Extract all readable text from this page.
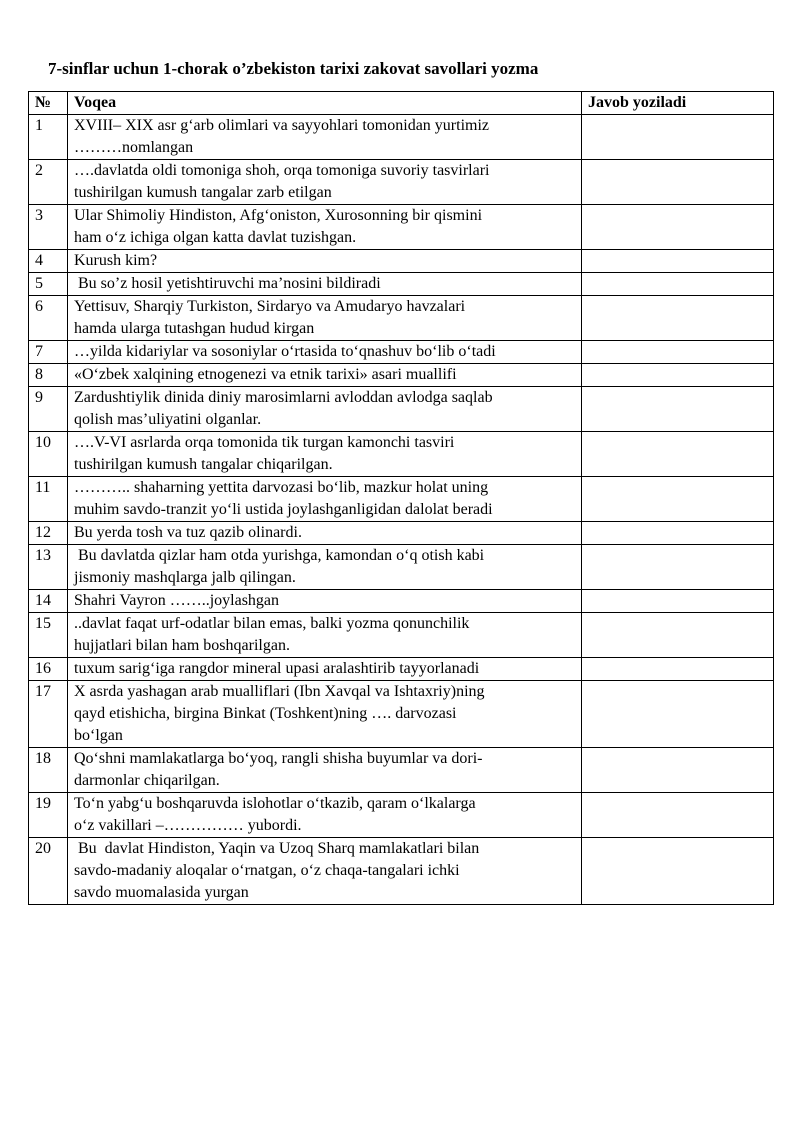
7-sinflar uchun 1-chorak o’zbekiston tarixi zakovat savollari yozma
№	Voqea	Javob yoziladi
1	XVIII– XIX asr g‘arb olimlari va sayyohlari tomonidan yurtimiz
………nomlangan	
2	….davlatda oldi tomoniga shoh, orqa tomoniga suvoriy tasvirlari
tushirilgan kumush tangalar zarb etilgan	
3	Ular Shimoliy Hindiston, Afg‘oniston, Xurosonning bir qismini
ham o‘z ichiga olgan katta davlat tuzishgan.	
4	Kurush kim?	
5	Bu so’z hosil yetishtiruvchi ma’nosini bildiradi	
6	Yettisuv, Sharqiy Turkiston, Sirdaryo va Amudaryo havzalari
hamda ularga tutashgan hudud kirgan	
7	…yilda kidariylar va sosoniylar o‘rtasida to‘qnashuv bo‘lib o‘tadi	
8	«O‘zbek xalqining etnogenezi va etnik tarixi» asari muallifi	
9	Zardushtiylik dinida diniy marosimlarni avloddan avlodga saqlab
qolish mas’uliyatini olganlar.	
10	….V-VI asrlarda orqa tomonida tik turgan kamonchi tasviri
tushirilgan kumush tangalar chiqarilgan.	
11	……….. shaharning yettita darvozasi bo‘lib, mazkur holat uning
muhim savdo-tranzit yo‘li ustida joylashganligidan dalolat beradi	
12	Bu yerda tosh va tuz qazib olinardi.	
13	Bu davlatda qizlar ham otda yurishga, kamondan o‘q otish kabi
jismoniy mashqlarga jalb qilingan.	
14	Shahri Vayron ……..joylashgan	
15	..davlat faqat urf-odatlar bilan emas, balki yozma qonunchilik
hujjatlari bilan ham boshqarilgan.	
16	tuxum sarig‘iga rangdor mineral upasi aralashtirib tayyorlanadi	
17	X asrda yashagan arab mualliflari (Ibn Xavqal va Ishtaxriy)ning
qayd etishicha, birgina Binkat (Toshkent)ning …. darvozasi
bo‘lgan	
18	Qo‘shni mamlakatlarga bo‘yoq, rangli shisha buyumlar va dori-
darmonlar chiqarilgan.	
19	To‘n yabg‘u boshqaruvda islohotlar o‘tkazib, qaram o‘lkalarga
o‘z vakillari –…………… yubordi.	
20	Bu  davlat Hindiston, Yaqin va Uzoq Sharq mamlakatlari bilan
savdo-madaniy aloqalar o‘rnatgan, o‘z chaqa-tangalari ichki
savdo muomalasida yurgan	
